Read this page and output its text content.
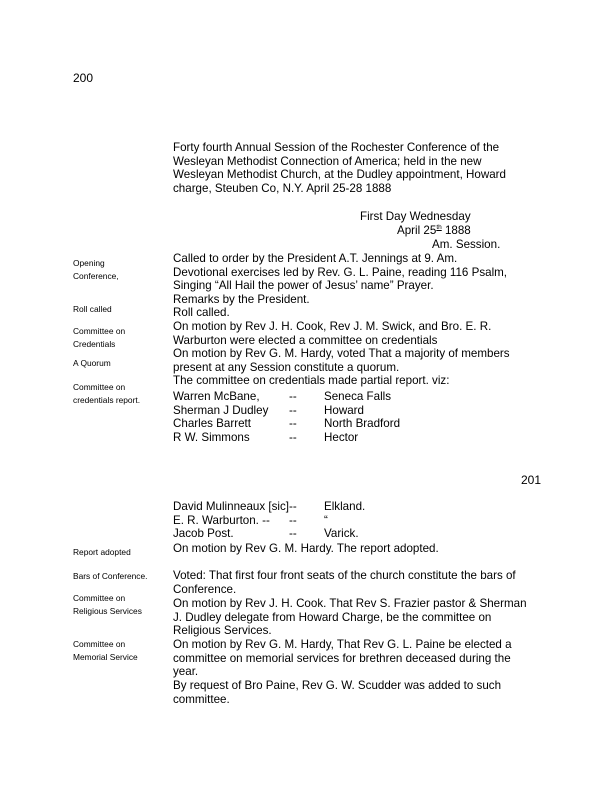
200
Forty fourth Annual Session of the Rochester Conference of the
Wesleyan Methodist Connection of America; held in the new
Wesleyan Methodist Church, at the Dudley appointment, Howard
charge, Steuben Co, N.Y. April 25-28 1888
First Day Wednesday
April 25th 1888
Am. Session.
Opening
Conference,
Roll called
Committee on
Credentials
A Quorum
Committee on
credentials report.
Called to order by the President A.T. Jennings at 9. Am.
Devotional exercises led by Rev. G. L. Paine, reading 116 Psalm,
Singing “All Hail the power of Jesus’ name” Prayer.
Remarks by the President.
Roll called.
On motion by Rev J. H. Cook, Rev J. M. Swick, and Bro. E. R.
Warburton were elected a committee on credentials
On motion by Rev G. M. Hardy, voted That a majority of members
present at any Session constitute a quorum.
The committee on credentials made partial report. viz:
Warren McBane,	-- Seneca Falls
Sherman J Dudley -- Howard
Charles Barrett	-- North Bradford
R W. Simmons	-- Hector
201
David Mulinneaux [sic]-- Elkland.
E. R. Warburton. -- -- “
Jacob Post.	-- Varick.
Report adopted
Bars of Conference.
Committee on
Religious Services
Committee on
Memorial Service
On motion by Rev G. M. Hardy. The report adopted.
Voted: That first four front seats of the church constitute the bars of
Conference.
On motion by Rev J. H. Cook. That Rev S. Frazier pastor & Sherman
J. Dudley delegate from Howard Charge, be the committee on
Religious Services.
On motion by Rev G. M. Hardy, That Rev G. L. Paine be elected a
committee on memorial services for brethren deceased during the
year.
By request of Bro Paine, Rev G. W. Scudder was added to such
committee.
